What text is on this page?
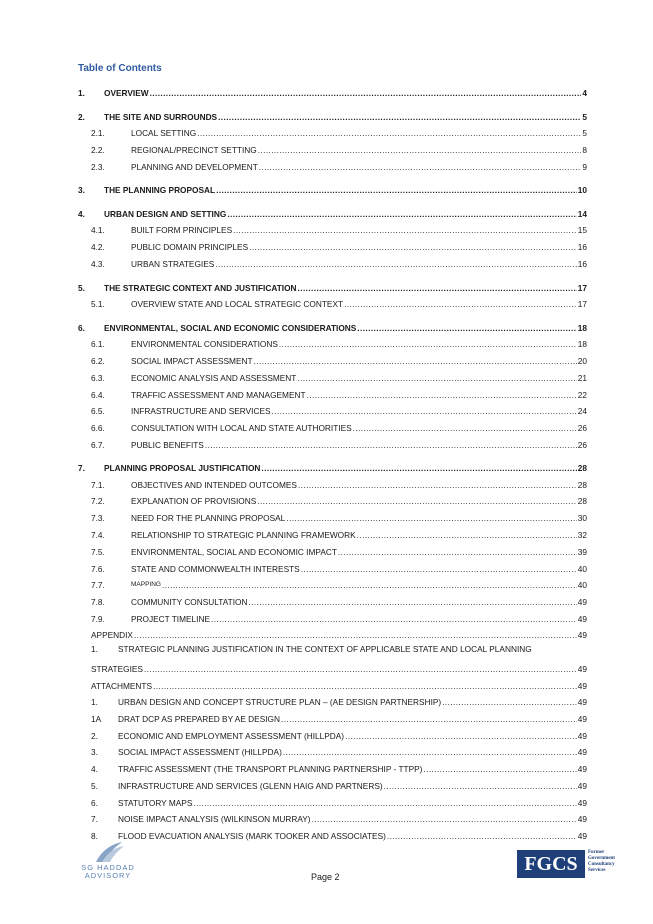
Table of Contents
1.	OVERVIEW .....	4
2.	THE SITE AND SURROUNDS .....	5
2.1.	LOCAL SETTING .....	5
2.2.	REGIONAL/PRECINCT SETTING .....	8
2.3.	PLANNING AND DEVELOPMENT .....	9
3.	THE PLANNING PROPOSAL .....	10
4.	URBAN DESIGN AND SETTING .....	14
4.1.	BUILT FORM PRINCIPLES .....	15
4.2.	PUBLIC DOMAIN PRINCIPLES .....	16
4.3.	URBAN STRATEGIES .....	16
5.	THE STRATEGIC CONTEXT AND JUSTIFICATION .....	17
5.1.	OVERVIEW STATE AND LOCAL STRATEGIC CONTEXT .....	17
6.	ENVIRONMENTAL, SOCIAL AND ECONOMIC CONSIDERATIONS .....	18
6.1.	ENVIRONMENTAL CONSIDERATIONS .....	18
6.2.	SOCIAL IMPACT ASSESSMENT .....	20
6.3.	ECONOMIC ANALYSIS AND ASSESSMENT .....	21
6.4.	TRAFFIC ASSESSMENT AND MANAGEMENT .....	22
6.5.	INFRASTRUCTURE AND SERVICES .....	24
6.6.	CONSULTATION WITH LOCAL AND STATE AUTHORITIES .....	26
6.7.	PUBLIC BENEFITS .....	26
7.	PLANNING PROPOSAL JUSTIFICATION .....	28
7.1.	OBJECTIVES AND INTENDED OUTCOMES .....	28
7.2.	EXPLANATION OF PROVISIONS .....	28
7.3.	NEED FOR THE PLANNING PROPOSAL .....	30
7.4.	RELATIONSHIP TO STRATEGIC PLANNING FRAMEWORK .....	32
7.5.	ENVIRONMENTAL, SOCIAL AND ECONOMIC IMPACT .....	39
7.6.	STATE AND COMMONWEALTH INTERESTS .....	40
7.7.	MAPPING .....	40
7.8.	COMMUNITY CONSULTATION .....	49
7.9.	PROJECT TIMELINE .....	49
APPENDIX .....	49
1. STRATEGIC PLANNING JUSTIFICATION IN THE CONTEXT OF APPLICABLE STATE AND LOCAL PLANNING
STRATEGIES .....	49
ATTACHMENTS .....	49
1.	URBAN DESIGN AND CONCEPT STRUCTURE PLAN – (AE DESIGN PARTNERSHIP) .....	49
1A	DRAT DCP AS PREPARED BY AE DESIGN .....	49
2.	ECONOMIC AND EMPLOYMENT ASSESSMENT (HILLPDA) .....	49
3.	SOCIAL IMPACT ASSESSMENT (HILLPDA) .....	49
4.	TRAFFIC ASSESSMENT (THE TRANSPORT PLANNING PARTNERSHIP - TTPP) .....	49
5.	INFRASTRUCTURE AND SERVICES (GLENN HAIG AND PARTNERS) .....	49
6.	STATUTORY MAPS .....	49
7.	NOISE IMPACT ANALYSIS (WILKINSON MURRAY) .....	49
8.	FLOOD EVACUATION ANALYSIS (MARK TOOKER AND ASSOCIATES) .....	49
SG HADDAD
ADVISORY	Page 2
FGCS	Former
Government
Consultancy
Services
